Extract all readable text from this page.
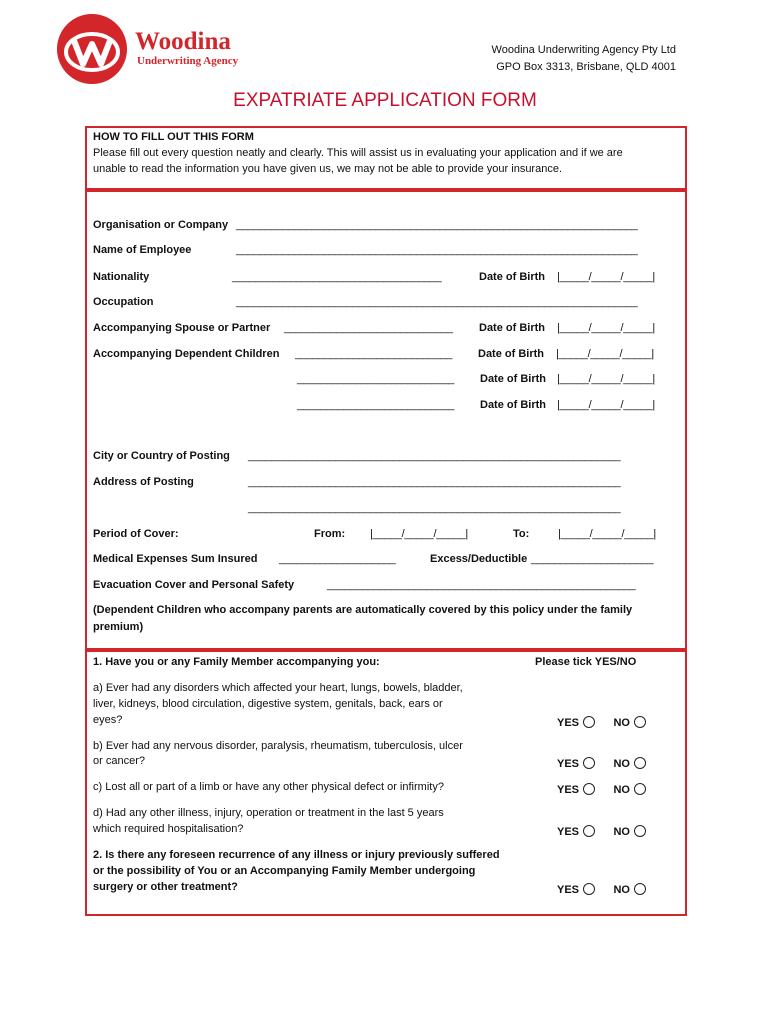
Woodina
Underwriting Agency
Woodina Underwriting Agency Pty Ltd
GPO Box 3313, Brisbane, QLD 4001
EXPATRIATE APPLICATION FORM
HOW TO FILL OUT THIS FORM
Please fill out every question neatly and clearly. This will assist us in evaluating your application and if we are
unable to read the information you have given us, we may not be able to provide your insurance.
Organisation or Company _____________________________________________________________________
Name of Employee	_____________________________________________________________________
Nationality	____________________________________	Date of Birth |_____/_____/_____|
Occupation	_____________________________________________________________________
Accompanying Spouse or Partner _____________________________ Date of Birth |_____/_____/_____|
Accompanying Dependent Children ___________________________ Date of Birth |_____/_____/_____|
___________________________ Date of Birth |_____/_____/_____|
___________________________ Date of Birth |_____/_____/_____|
City or Country of Posting ________________________________________________________________
Address of Posting	________________________________________________________________
________________________________________________________________
Period of Cover:	From: |_____/_____/_____|	To:	|_____/_____/_____|
Medical Expenses Sum Insured ____________________	Excess/Deductible _____________________
Evacuation Cover and Personal Safety	_____________________________________________________
(Dependent Children who accompany parents are automatically covered by this policy under the family
premium)
1. Have you or any Family Member accompanying you:	Please tick YES/NO
a) Ever had any disorders which affected your heart, lungs, bowels, bladder,
liver, kidneys, blood circulation, digestive system, genitals, back, ears or
eyes?	YES	NO
b) Ever had any nervous disorder, paralysis, rheumatism, tuberculosis, ulcer
or cancer?	YES	NO
c) Lost all or part of a limb or have any other physical defect or infirmity?	YES	NO
d) Had any other illness, injury, operation or treatment in the last 5 years
which required hospitalisation?	YES	NO
2. Is there any foreseen recurrence of any illness or injury previously suffered
or the possibility of You or an Accompanying Family Member undergoing
surgery or other treatment?	YES	NO
